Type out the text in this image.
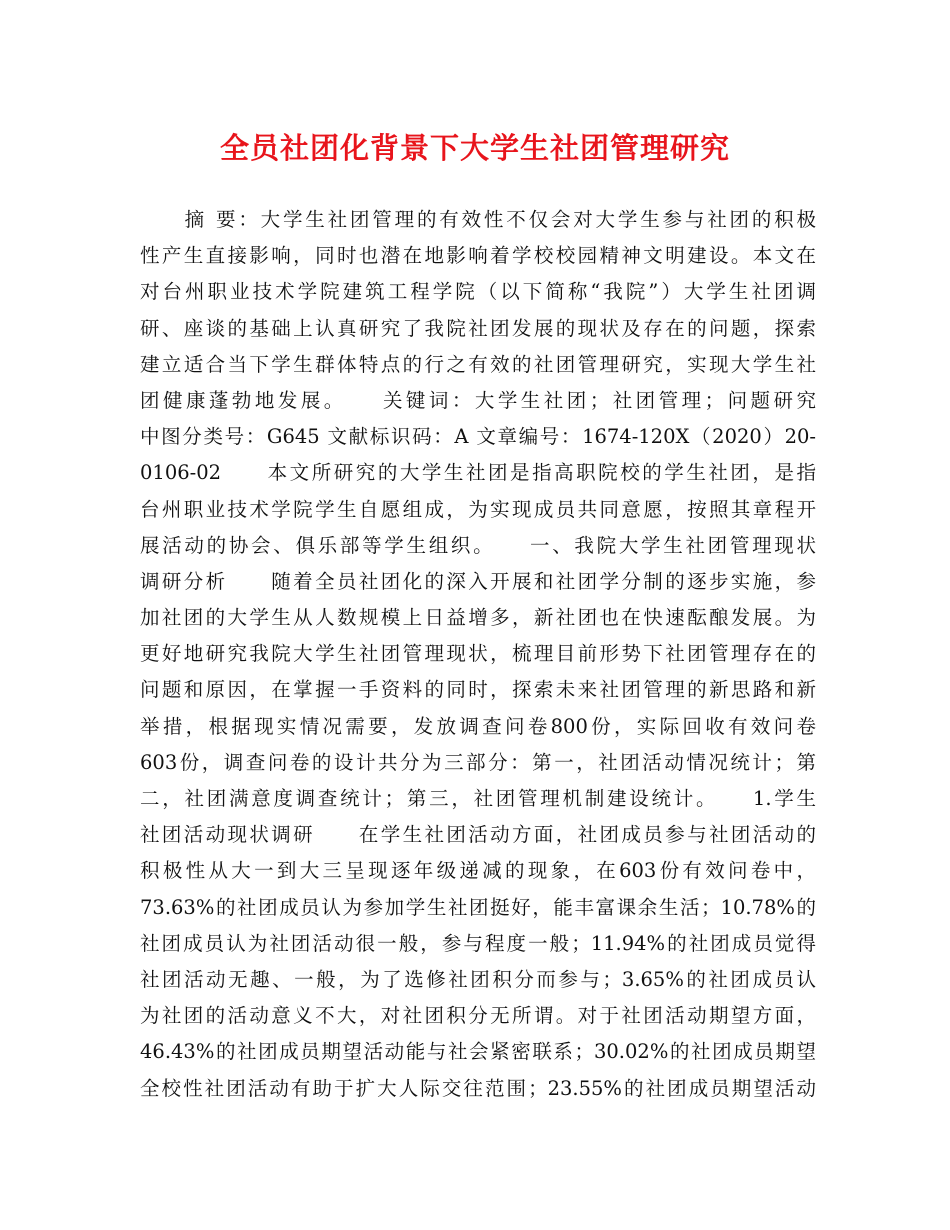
全员社团化背景下大学生社团管理研究
　　摘 要：大学生社团管理的有效性不仅会对大学生参与社团的积极
性产生直接影响，同时也潜在地影响着学校校园精神文明建设。本文在
对台州职业技术学院建筑工程学院（以下简称“我院”）大学生社团调
研、座谈的基础上认真研究了我院社团发展的现状及存在的问题，探索
建立适合当下学生群体特点的行之有效的社团管理研究，实现大学生社
团健康蓬勃地发展。　　关键词：大学生社团；社团管理；问题研究
中图分类号：G645 文献标识码：A 文章编号：1674-120X（2020）20-
0106-02　　本文所研究的大学生社团是指高职院校的学生社团，是指
台州职业技术学院学生自愿组成，为实现成员共同意愿，按照其章程开
展活动的协会、俱乐部等学生组织。　　一、我院大学生社团管理现状
调研分析　　随着全员社团化的深入开展和社团学分制的逐步实施，参
加社团的大学生从人数规模上日益增多，新社团也在快速酝酿发展。为
更好地研究我院大学生社团管理现状，梳理目前形势下社团管理存在的
问题和原因，在掌握一手资料的同时，探索未来社团管理的新思路和新
举措，根据现实情况需要，发放调查问卷800份，实际回收有效问卷
603份，调查问卷的设计共分为三部分：第一，社团活动情况统计；第
二，社团满意度调查统计；第三，社团管理机制建设统计。　　1.学生
社团活动现状调研　　在学生社团活动方面，社团成员参与社团活动的
积极性从大一到大三呈现逐年级递减的现象，在603份有效问卷中，
73.63%的社团成员认为参加学生社团挺好，能丰富课余生活；10.78%的
社团成员认为社团活动很一般，参与程度一般；11.94%的社团成员觉得
社团活动无趣、一般，为了选修社团积分而参与；3.65%的社团成员认
为社团的活动意义不大，对社团积分无所谓。对于社团活动期望方面，
46.43%的社团成员期望活动能与社会紧密联系；30.02%的社团成员期望
全校性社团活动有助于扩大人际交往范围；23.55%的社团成员期望活动
